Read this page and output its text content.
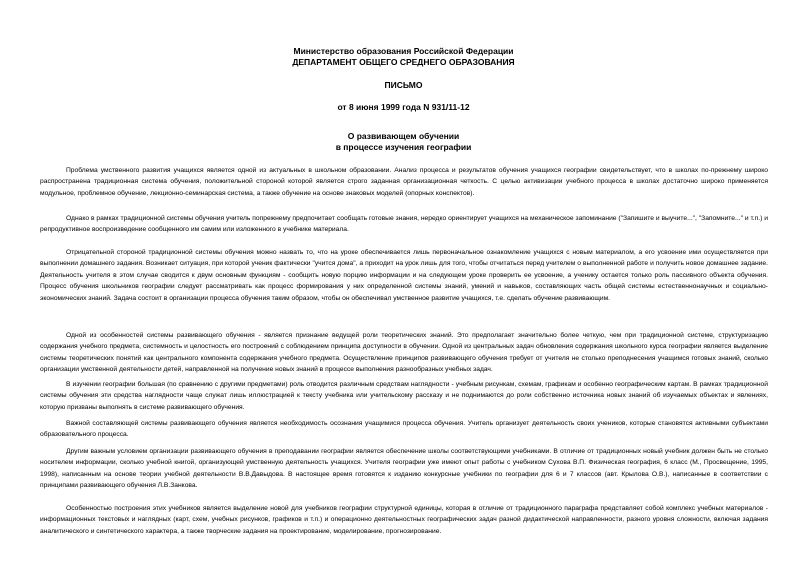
Министерство образования Российской Федерации
ДЕПАРТАМЕНТ ОБЩЕГО СРЕДНЕГО ОБРАЗОВАНИЯ
ПИСЬМО
от 8 июня 1999 года N 931/11-12
О развивающем обучении
в процессе изучения географии
Проблема умственного развития учащихся является одной из актуальных в школьном образовании. Анализ процесса и результатов обучения учащихся географии свидетельствует, что в школах по-прежнему широко распространена традиционная система обучения, положительной стороной которой является строго заданная организационная четкость. С целью активизации учебного процесса в школах достаточно широко применяется модульное, проблемное обучение, лекционно-семинарская система, а также обучение на основе знаковых моделей (опорных конспектов).
Однако в рамках традиционной системы обучения учитель попрежнему предпочитает сообщать готовые знания, нередко ориентирует учащихся на механическое запоминание ("Запишите и выучите...", "Запомните..." и т.п.) и репродуктивное воспроизведение сообщенного им самим или изложенного в учебнике материала.
Отрицательной стороной традиционной системы обучения можно назвать то, что на уроке обеспечивается лишь первоначальное ознакомление учащихся с новым материалом, а его усвоение ими осуществляется при выполнении домашнего задания. Возникает ситуация, при которой ученик фактически "учится дома", а приходит на урок лишь для того, чтобы отчитаться перед учителем о выполненной работе и получить новое домашнее задание. Деятельность учителя в этом случае сводится к двум основным функциям - сообщить новую порцию информации и на следующем уроке проверить ее усвоение, а ученику остается только роль пассивного объекта обучения. Процесс обучения школьников географии следует рассматривать как процесс формирования у них определенной системы знаний, умений и навыков, составляющих часть общей системы естественнонаучных и социально-экономических знаний. Задача состоит в организации процесса обучения таким образом, чтобы он обеспечивал умственное развитие учащихся, т.е. сделать обучение развивающим.
Одной из особенностей системы развивающего обучения - является признание ведущей роли теоретических знаний. Это предполагает значительно более четкую, чем при традиционной системе, структуризацию содержания учебного предмета, системность и целостность его построений с соблюдением принципа доступности в обучении. Одной из центральных задач обновления содержания школьного курса географии является выделение системы теоретических понятий как центрального компонента содержания учебного предмета. Осуществление принципов развивающего обучения требует от учителя не столько преподнесения учащимся готовых знаний, сколько организации умственной деятельности детей, направленной на получение новых знаний в процессе выполнения разнообразных учебных задач.
В изучении географии большая (по сравнению с другими предметами) роль отводится различным средствам наглядности - учебным рисункам, схемам, графикам и особенно географическим картам. В рамках традиционной системы обучения эти средства наглядности чаще служат лишь иллюстрацией к тексту учебника или учительскому рассказу и не поднимаются до роли собственно источника новых знаний об изучаемых объектах и явлениях, которую призваны выполнять в системе развивающего обучения.
Важной составляющей системы развивающего обучения является необходимость осознания учащимися процесса обучения. Учитель организует деятельность своих учеников, которые становятся активными субъектами образовательного процесса.
Другим важным условием организации развивающего обучения в преподавании географии является обеспечение школы соответствующими учебниками. В отличие от традиционных новый учебник должен быть не столько носителем информации, сколько учебной книгой, организующей умственную деятельность учащихся. Учителя географии уже имеют опыт работы с учебником Сухова В.П. Физическая география, 6 класс (М., Просвещение, 1995, 1998), написанным на основе теории учебной деятельности В.В.Давыдова. В настоящее время готовятся к изданию конкурсные учебники по географии для 6 и 7 классов (авт. Крылова О.В.), написанные в соответствии с принципами развивающего обучения Л.В.Занкова.
Особенностью построения этих учебников является выделение новой для учебников географии структурной единицы, которая в отличие от традиционного параграфа представляет собой комплекс учебных материалов - информационных текстовых и наглядных (карт, схем, учебных рисунков, графиков и т.п.) и операционно деятельностных географических задач разной дидактической направленности, разного уровня сложности, включая задания аналитического и синтетического характера, а также творческие задания на проектирование, моделирование, прогнозирование.
